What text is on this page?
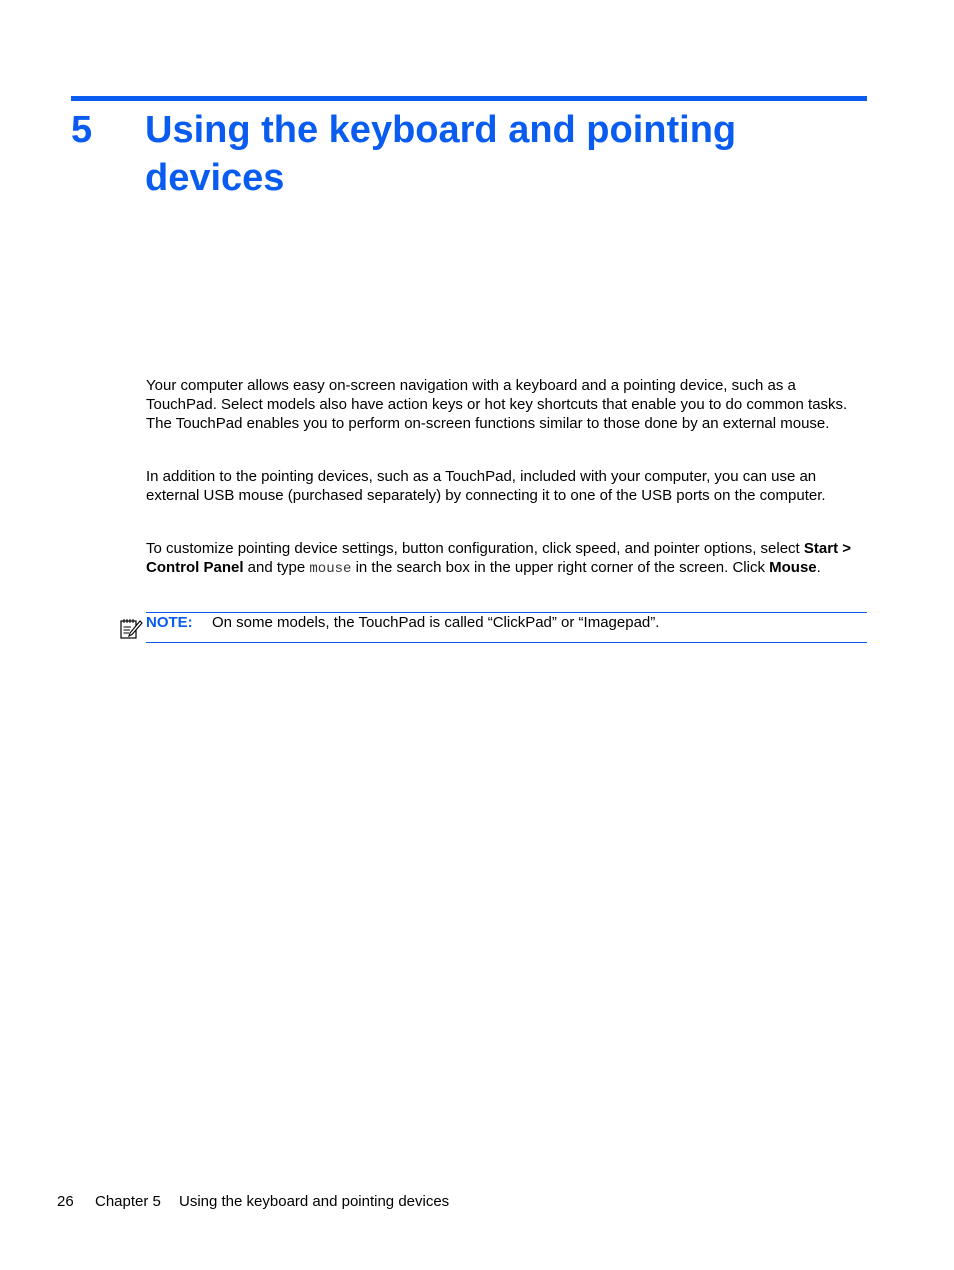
5 Using the keyboard and pointing devices

Your computer allows easy on-screen navigation with a keyboard and a pointing device, such as a TouchPad. Select models also have action keys or hot key shortcuts that enable you to do common tasks. The TouchPad enables you to perform on-screen functions similar to those done by an external mouse.

In addition to the pointing devices, such as a TouchPad, included with your computer, you can use an external USB mouse (purchased separately) by connecting it to one of the USB ports on the computer.

To customize pointing device settings, button configuration, click speed, and pointer options, select Start > Control Panel and type mouse in the search box in the upper right corner of the screen. Click Mouse.

NOTE: On some models, the TouchPad is called “ClickPad” or “Imagepad”.
26 Chapter 5 Using the keyboard and pointing devices
